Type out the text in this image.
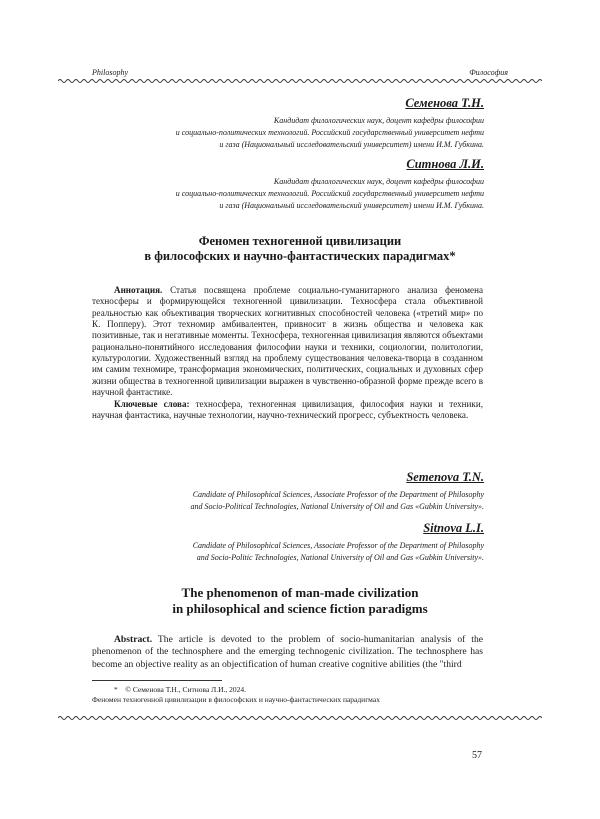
Philosophy	Философия
Семенова Т.Н.
Кандидат филологических наук, доцент кафедры философии
и социально-политических технологий. Российский государственный университет нефти
и газа (Национальный исследовательский университет) имени И.М. Губкина.
Ситнова Л.И.
Кандидат филологических наук, доцент кафедры философии
и социально-политических технологий. Российский государственный университет нефти
и газа (Национальный исследовательский университет) имени И.М. Губкина.
Феномен техногенной цивилизации
в философских и научно-фантастических парадигмах*
Аннотация. Статья посвящена проблеме социально-гуманитарного анализа феномена техносферы и формирующейся техногенной цивилизации. Техносфера стала объективной реальностью как объективация творческих когнитивных способностей человека («третий мир» по К. Попперу). Этот техномир амбивалентен, привносит в жизнь общества и человека как позитивные, так и негативные моменты. Техносфера, техногенная цивилизация являются объектами рационально-понятийного исследования философии науки и техники, социологии, политологии, культурологии. Художественный взгляд на проблему существования человека-творца в созданном им самим техномире, трансформация экономических, политических, социальных и духовных сфер жизни общества в техногенной цивилизации выражен в чувственно-образной форме прежде всего в научной фантастике.
Ключевые слова: техносфера, техногенная цивилизация, философия науки и техники, научная фантастика, научные технологии, научно-технический прогресс, субъектность человека.
Semenova T.N.
Candidate of Philosophical Sciences, Associate Professor of the Department of Philosophy
and Socio-Political Technologies, National University of Oil and Gas «Gubkin University».
Sitnova L.I.
Candidate of Philosophical Sciences, Associate Professor of the Department of Philosophy
and Socio-Politic Technologies, National University of Oil and Gas «Gubkin University».
The phenomenon of man-made civilization
in philosophical and science fiction paradigms
Abstract. The article is devoted to the problem of socio-humanitarian analysis of the phenomenon of the technosphere and the emerging technogenic civilization. The technosphere has become an objective reality as an objectification of human creative cognitive abilities (the "third
*    © Семенова Т.Н., Ситнова Л.И., 2024.
Феномен техногенной цивилизации в философских и научно-фантастических парадигмах
57
